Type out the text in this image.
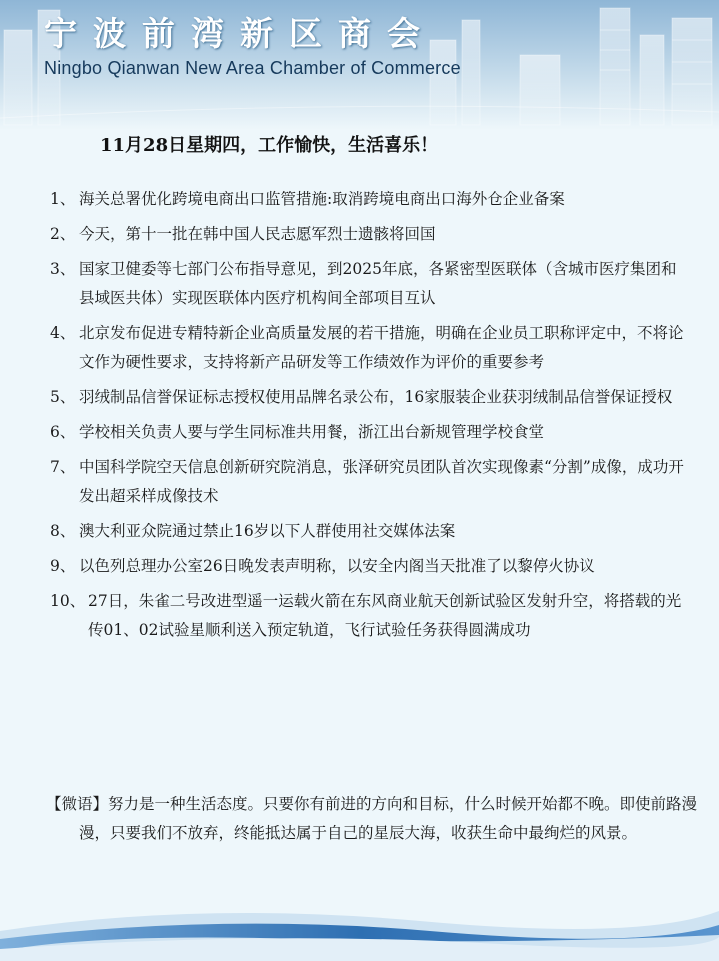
宁波前湾新区商会
Ningbo Qianwan New Area Chamber of Commerce
11月28日星期四，工作愉快，生活喜乐！
1、 海关总署优化跨境电商出口监管措施:取消跨境电商出口海外仓企业备案
2、 今天，第十一批在韩中国人民志愿军烈士遗骸将回国
3、 国家卫健委等七部门公布指导意见，到2025年底，各紧密型医联体（含城市医疗集团和县域医共体）实现医联体内医疗机构间全部项目互认
4、 北京发布促进专精特新企业高质量发展的若干措施，明确在企业员工职称评定中，不将论文作为硬性要求，支持将新产品研发等工作绩效作为评价的重要参考
5、 羽绒制品信誉保证标志授权使用品牌名录公布，16家服装企业获羽绒制品信誉保证授权
6、 学校相关负责人要与学生同标准共用餐，浙江出台新规管理学校食堂
7、 中国科学院空天信息创新研究院消息，张泽研究员团队首次实现像素“分割”成像，成功开发出超采样成像技术
8、 澳大利亚众院通过禁止16岁以下人群使用社交媒体法案
9、 以色列总理办公室26日晚发表声明称，以安全内阁当天批准了以黎停火协议
10、 27日，朱雀二号改进型遥一运载火箭在东风商业航天创新试验区发射升空，将搭载的光传01、02试验星顺利送入预定轨道，飞行试验任务获得圆满成功
【微语】努力是一种生活态度。只要你有前进的方向和目标，什么时候开始都不晚。即使前路漫漫，只要我们不放弃，终能抵达属于自己的星辰大海，收获生命中最绚烂的风景。
